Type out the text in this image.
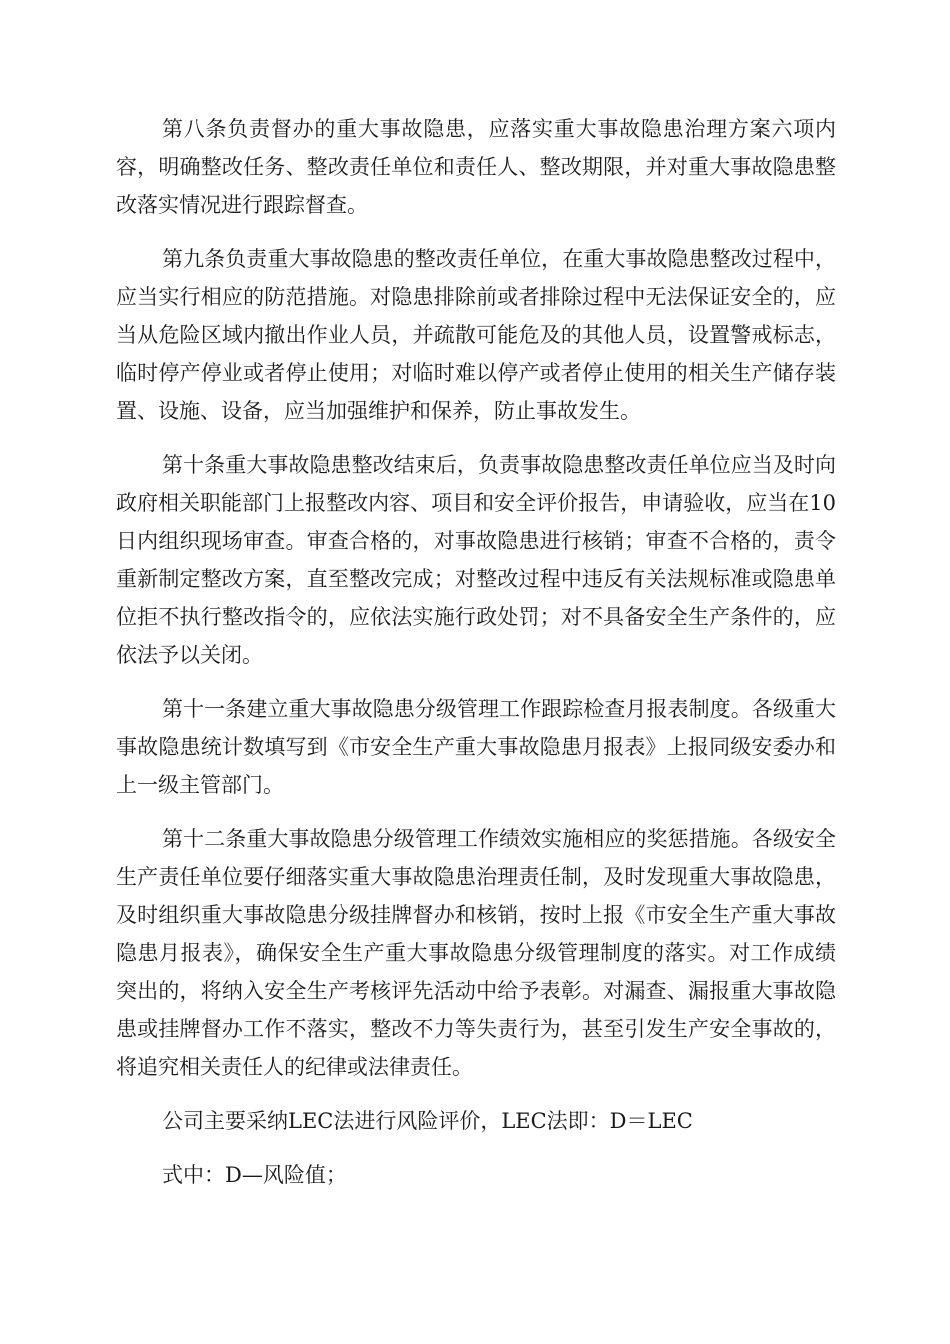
第八条负责督办的重大事故隐患，应落实重大事故隐患治理方案六项内容，明确整改任务、整改责任单位和责任人、整改期限，并对重大事故隐患整改落实情况进行跟踪督查。

第九条负责重大事故隐患的整改责任单位，在重大事故隐患整改过程中，应当实行相应的防范措施。对隐患排除前或者排除过程中无法保证安全的，应当从危险区域内撤出作业人员，并疏散可能危及的其他人员，设置警戒标志，临时停产停业或者停止使用；对临时难以停产或者停止使用的相关生产储存装置、设施、设备，应当加强维护和保养，防止事故发生。

第十条重大事故隐患整改结束后，负责事故隐患整改责任单位应当及时向政府相关职能部门上报整改内容、项目和安全评价报告，申请验收，应当在10日内组织现场审查。审查合格的，对事故隐患进行核销；审查不合格的，责令重新制定整改方案，直至整改完成；对整改过程中违反有关法规标准或隐患单位拒不执行整改指令的，应依法实施行政处罚；对不具备安全生产条件的，应依法予以关闭。

第十一条建立重大事故隐患分级管理工作跟踪检查月报表制度。各级重大事故隐患统计数填写到《市安全生产重大事故隐患月报表》上报同级安委办和上一级主管部门。

第十二条重大事故隐患分级管理工作绩效实施相应的奖惩措施。各级安全生产责任单位要仔细落实重大事故隐患治理责任制，及时发现重大事故隐患，及时组织重大事故隐患分级挂牌督办和核销，按时上报《市安全生产重大事故隐患月报表》，确保安全生产重大事故隐患分级管理制度的落实。对工作成绩突出的，将纳入安全生产考核评先活动中给予表彰。对漏查、漏报重大事故隐患或挂牌督办工作不落实，整改不力等失责行为，甚至引发生产安全事故的，将追究相关责任人的纪律或法律责任。

公司主要采纳LEC法进行风险评价，LEC法即：D＝LEC

式中：D—风险值；
